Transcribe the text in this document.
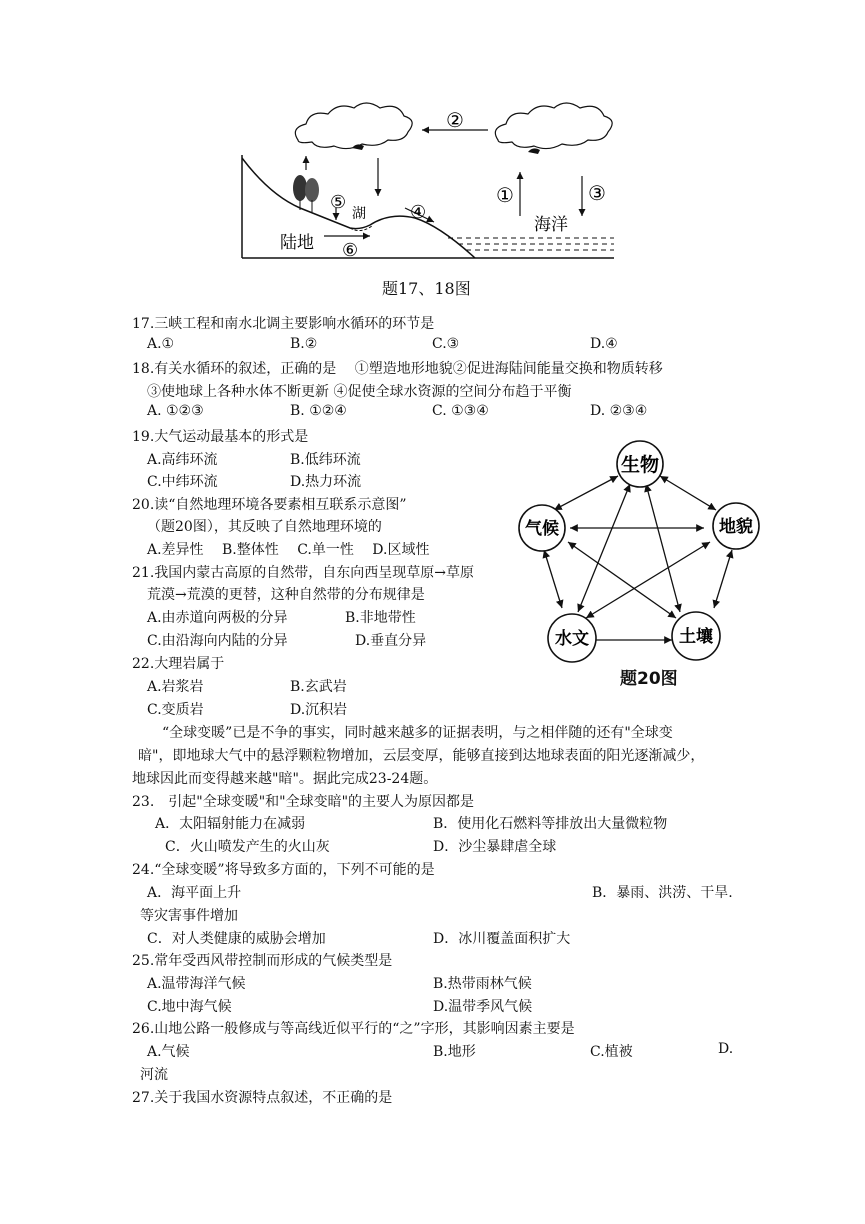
②
①	③
⑤	④
⑥
湖
陆地
海洋
题17、18图
生物
气候	地貌
水文	土壤
题20图
17.三峡工程和南水北调主要影响水循环的环节是
A.①	B.②	C.③	D.④
18.有关水循环的叙述，正确的是　 ①塑造地形地貌②促进海陆间能量交换和物质转移
③使地球上各种水体不断更新 ④促使全球水资源的空间分布趋于平衡
A. ①②③	B. ①②④	C. ①③④	D. ②③④
19.大气运动最基本的形式是
A.高纬环流	B.低纬环流
C.中纬环流	D.热力环流
20.读“自然地理环境各要素相互联系示意图”
（题20图），其反映了自然地理环境的
A.差异性　 B.整体性　 C.单一性　 D.区域性
21.我国内蒙古高原的自然带，自东向西呈现草原→草原
荒漠→荒漠的更替，这种自然带的分布规律是
A.由赤道向两极的分异	B.非地带性
C.由沿海向内陆的分异	D.垂直分异
22.大理岩属于
A.岩浆岩	B.玄武岩
C.变质岩	D.沉积岩
“全球变暖”已是不争的事实，同时越来越多的证据表明，与之相伴随的还有"全球变
暗"，即地球大气中的悬浮颗粒物增加，云层变厚，能够直接到达地球表面的阳光逐渐减少，
地球因此而变得越来越"暗"。据此完成23-24题。
23.　引起"全球变暖"和"全球变暗"的主要人为原因都是
A．太阳辐射能力在减弱	B．使用化石燃料等排放出大量微粒物
C．火山喷发产生的火山灰	D．沙尘暴肆虐全球
24.“全球变暖”将导致多方面的，下列不可能的是
A．海平面上升	B．暴雨、洪涝、干旱.
等灾害事件增加
C．对人类健康的威胁会增加	D．冰川覆盖面积扩大
25.常年受西风带控制而形成的气候类型是
A.温带海洋气候	B.热带雨林气候
C.地中海气候	D.温带季风气候
26.山地公路一般修成与等高线近似平行的“之”字形，其影响因素主要是
A.气候	B.地形	C.植被	D.
河流
27.关于我国水资源特点叙述，不正确的是
